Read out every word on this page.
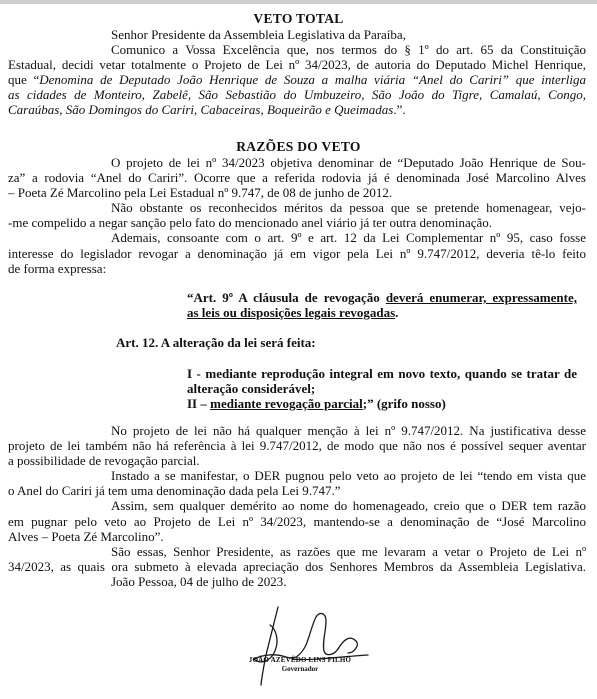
VETO TOTAL

Senhor Presidente da Assembleia Legislativa da Paraíba,

Comunico a Vossa Excelência que, nos termos do § 1º do art. 65 da Constituição
Estadual, decidi vetar totalmente o Projeto de Lei nº 34/2023, de autoria do Deputado Michel Henrique,
que “Denomina de Deputado João Henrique de Souza a malha viária “Anel do Cariri” que interliga
as cidades de Monteiro, Zabelê, São Sebastião do Umbuzeiro, São João do Tigre, Camalaú, Congo,
Caraúbas, São Domingos do Cariri, Cabaceiras, Boqueirão e Queimadas.”.
RAZÕES DO VETO
O projeto de lei nº 34/2023 objetiva denominar de “Deputado João Henrique de Sou-
za” a rodovia “Anel do Cariri”. Ocorre que a referida rodovia já é denominada José Marcolino Alves
– Poeta Zé Marcolino pela Lei Estadual nº 9.747, de 08 de junho de 2012.
Não obstante os reconhecidos méritos da pessoa que se pretende homenagear, vejo-
-me compelido a negar sanção pelo fato do mencionado anel viário já ter outra denominação.
Ademais, consoante com o art. 9º e art. 12 da Lei Complementar nº 95, caso fosse
interesse do legislador revogar a denominação já em vigor pela Lei nº 9.747/2012, deveria tê-lo feito
de forma expressa:
“Art. 9º A cláusula de revogação deverá enumerar, expressamente,
as leis ou disposições legais revogadas.

Art. 12. A alteração da lei será feita:

I - mediante reprodução integral em novo texto, quando se tratar de
alteração considerável;
II – mediante revogação parcial;” (grifo nosso)
No projeto de lei não há qualquer menção à lei nº 9.747/2012. Na justificativa desse
projeto de lei também não há referência à lei 9.747/2012, de modo que não nos é possível sequer aventar
a possibilidade de revogação parcial.
Instado a se manifestar, o DER pugnou pelo veto ao projeto de lei “tendo em vista que
o Anel do Cariri já tem uma denominação dada pela Lei 9.747.”
Assim, sem qualquer demérito ao nome do homenageado, creio que o DER tem razão
em pugnar pelo veto ao Projeto de Lei nº 34/2023, mantendo-se a denominação de “José Marcolino
Alves – Poeta Zé Marcolino”.
São essas, Senhor Presidente, as razões que me levaram a vetar o Projeto de Lei nº
34/2023, as quais ora submeto à elevada apreciação dos Senhores Membros da Assembleia Legislativa.
João Pessoa, 04 de julho de 2023.
JOÃO AZEVÊDO LINS FILHO
Governador
